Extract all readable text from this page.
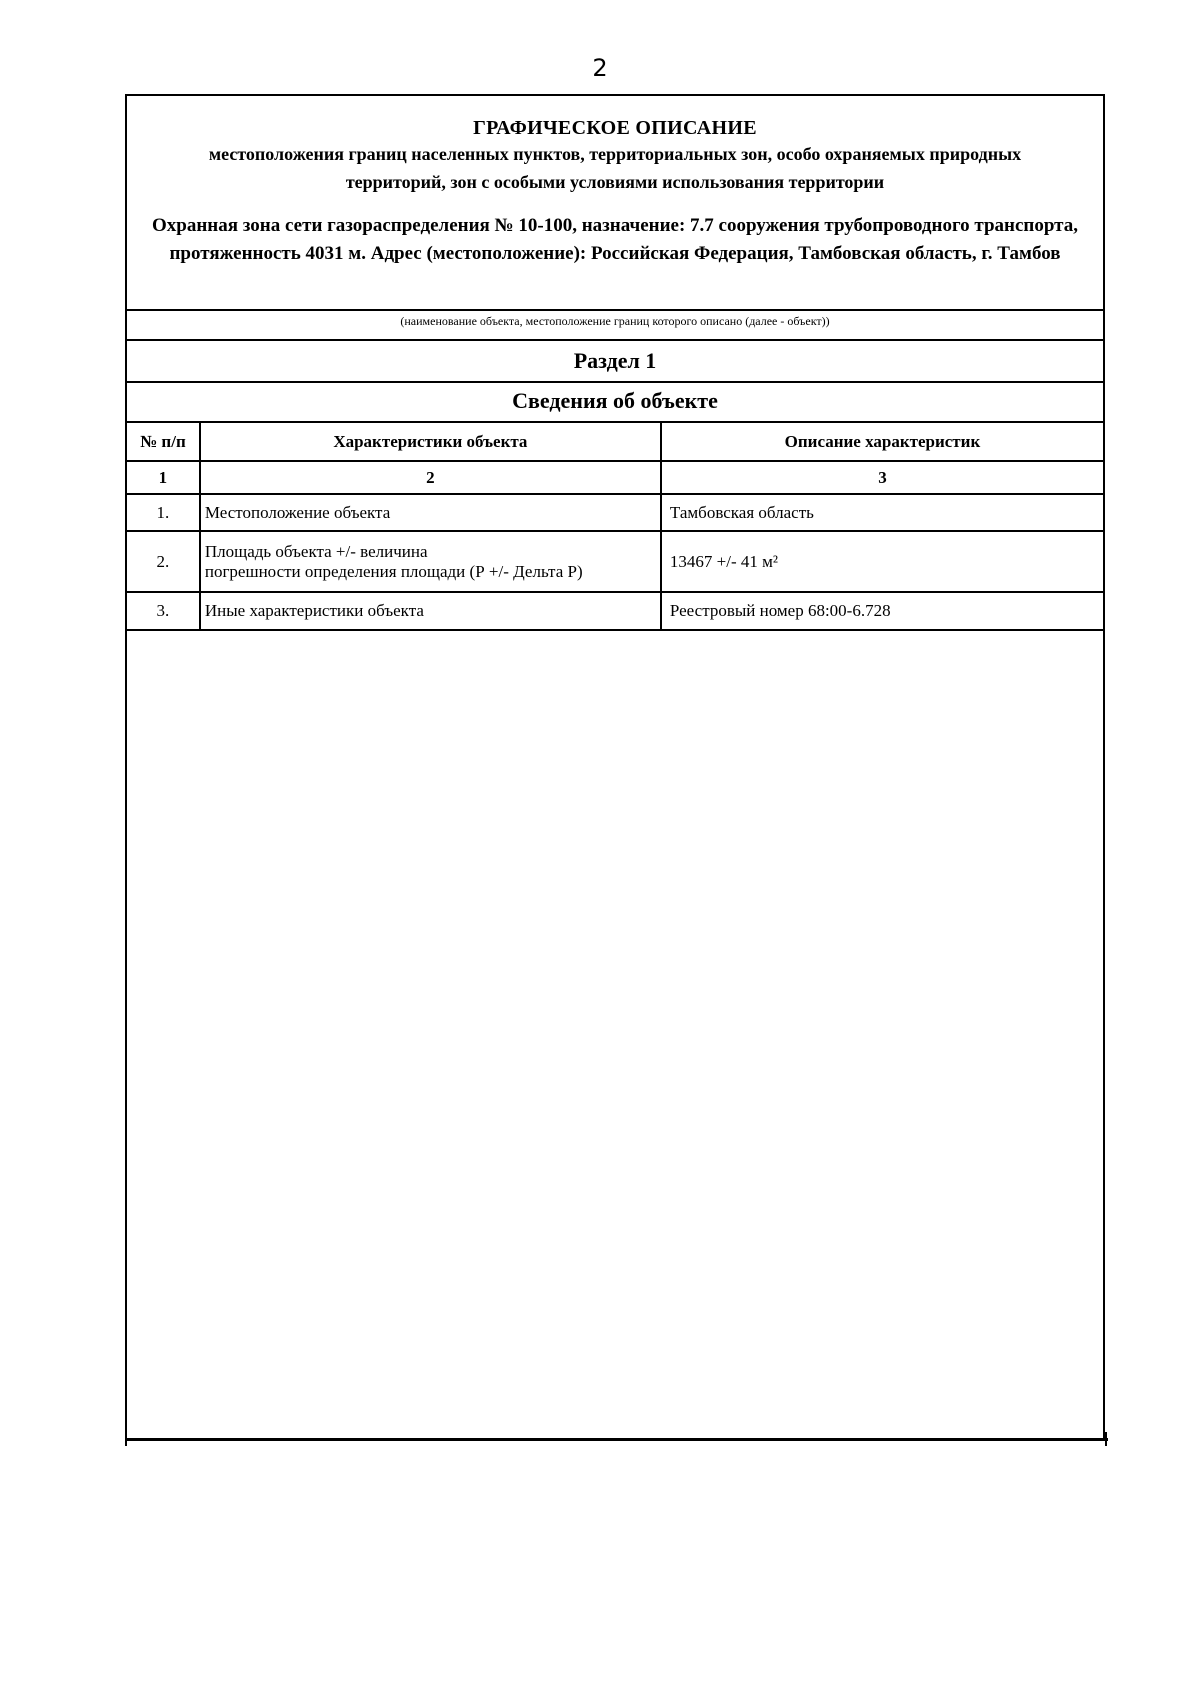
2
ГРАФИЧЕСКОЕ ОПИСАНИЕ
местоположения границ населенных пунктов, территориальных зон, особо охраняемых природных территорий, зон с особыми условиями использования территории
Охранная зона сети газораспределения № 10-100, назначение: 7.7 сооружения трубопроводного транспорта, протяженность 4031 м. Адрес (местоположение): Российская Федерация, Тамбовская область, г. Тамбов
(наименование объекта, местоположение границ которого описано (далее - объект))
Раздел 1
Сведения об объекте
№ п/п	Характеристики объекта	Описание характеристик
1	2	3
1.	Местоположение объекта	Тамбовская область
2.	Площадь объекта +/- величина
погрешности определения площади (Р +/- Дельта Р)	13467 +/- 41 м²
3.	Иные характеристики объекта	Реестровый номер 68:00-6.728
